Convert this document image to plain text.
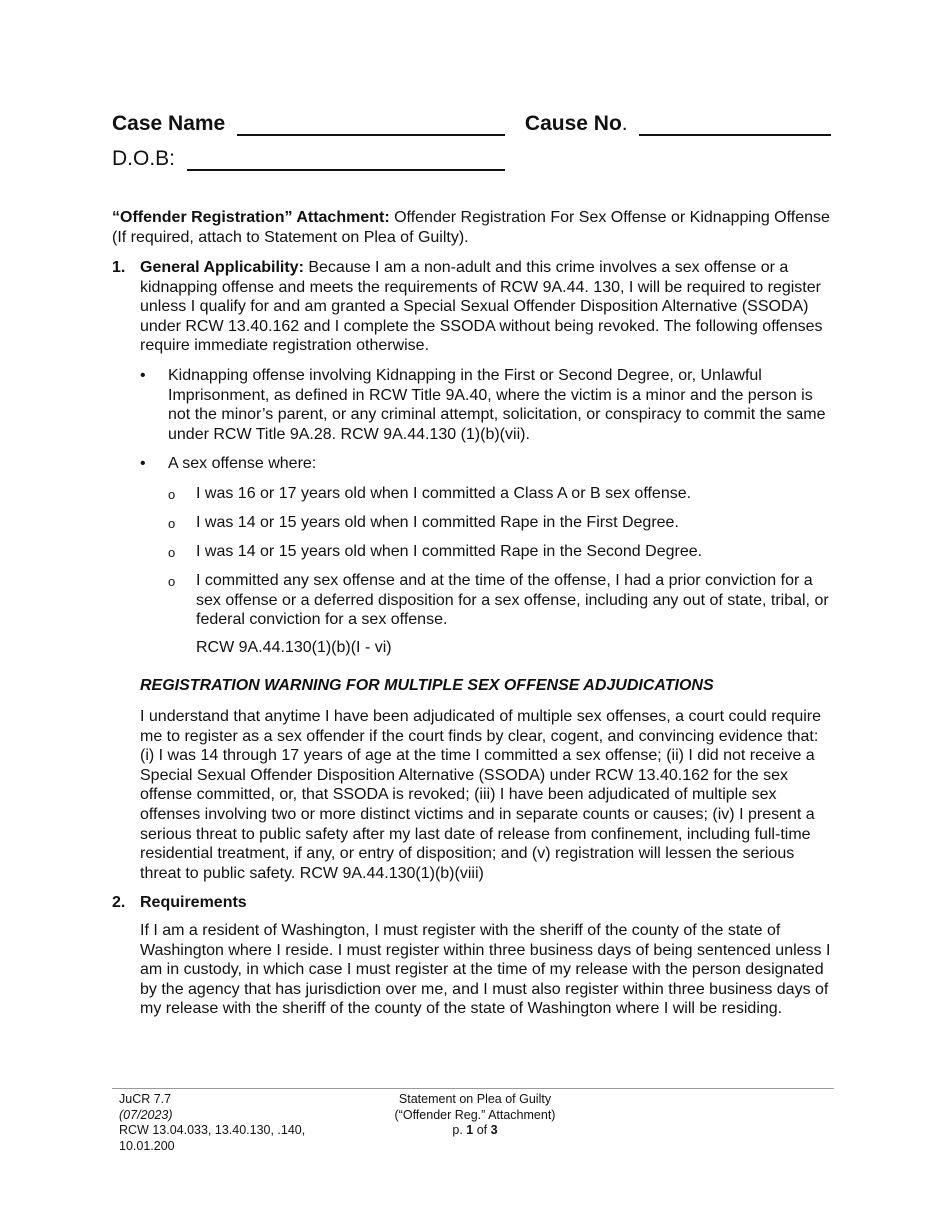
Case Name	Cause No.
D.O.B:
“Offender Registration” Attachment: Offender Registration For Sex Offense or Kidnapping Offense (If required, attach to Statement on Plea of Guilty).
1. General Applicability: Because I am a non-adult and this crime involves a sex offense or a kidnapping offense and meets the requirements of RCW 9A.44. 130, I will be required to register unless I qualify for and am granted a Special Sexual Offender Disposition Alternative (SSODA) under RCW 13.40.162 and I complete the SSODA without being revoked. The following offenses require immediate registration otherwise.
• Kidnapping offense involving Kidnapping in the First or Second Degree, or, Unlawful Imprisonment, as defined in RCW Title 9A.40, where the victim is a minor and the person is not the minor’s parent, or any criminal attempt, solicitation, or conspiracy to commit the same under RCW Title 9A.28. RCW 9A.44.130 (1)(b)(vii).
• A sex offense where:
o I was 16 or 17 years old when I committed a Class A or B sex offense.
o I was 14 or 15 years old when I committed Rape in the First Degree.
o I was 14 or 15 years old when I committed Rape in the Second Degree.
o I committed any sex offense and at the time of the offense, I had a prior conviction for a sex offense or a deferred disposition for a sex offense, including any out of state, tribal, or federal conviction for a sex offense.
RCW 9A.44.130(1)(b)(I - vi)
REGISTRATION WARNING FOR MULTIPLE SEX OFFENSE ADJUDICATIONS
I understand that anytime I have been adjudicated of multiple sex offenses, a court could require me to register as a sex offender if the court finds by clear, cogent, and convincing evidence that: (i) I was 14 through 17 years of age at the time I committed a sex offense; (ii) I did not receive a Special Sexual Offender Disposition Alternative (SSODA) under RCW 13.40.162 for the sex offense committed, or, that SSODA is revoked; (iii) I have been adjudicated of multiple sex offenses involving two or more distinct victims and in separate counts or causes; (iv) I present a serious threat to public safety after my last date of release from confinement, including full-time residential treatment, if any, or entry of disposition; and (v) registration will lessen the serious threat to public safety. RCW 9A.44.130(1)(b)(viii)
2. Requirements
If I am a resident of Washington, I must register with the sheriff of the county of the state of Washington where I reside. I must register within three business days of being sentenced unless I am in custody, in which case I must register at the time of my release with the person designated by the agency that has jurisdiction over me, and I must also register within three business days of my release with the sheriff of the county of the state of Washington where I will be residing.
JuCR 7.7
(07/2023)
RCW 13.04.033, 13.40.130, .140,
10.01.200
Statement on Plea of Guilty
(“Offender Reg.” Attachment)
p. 1 of 3
